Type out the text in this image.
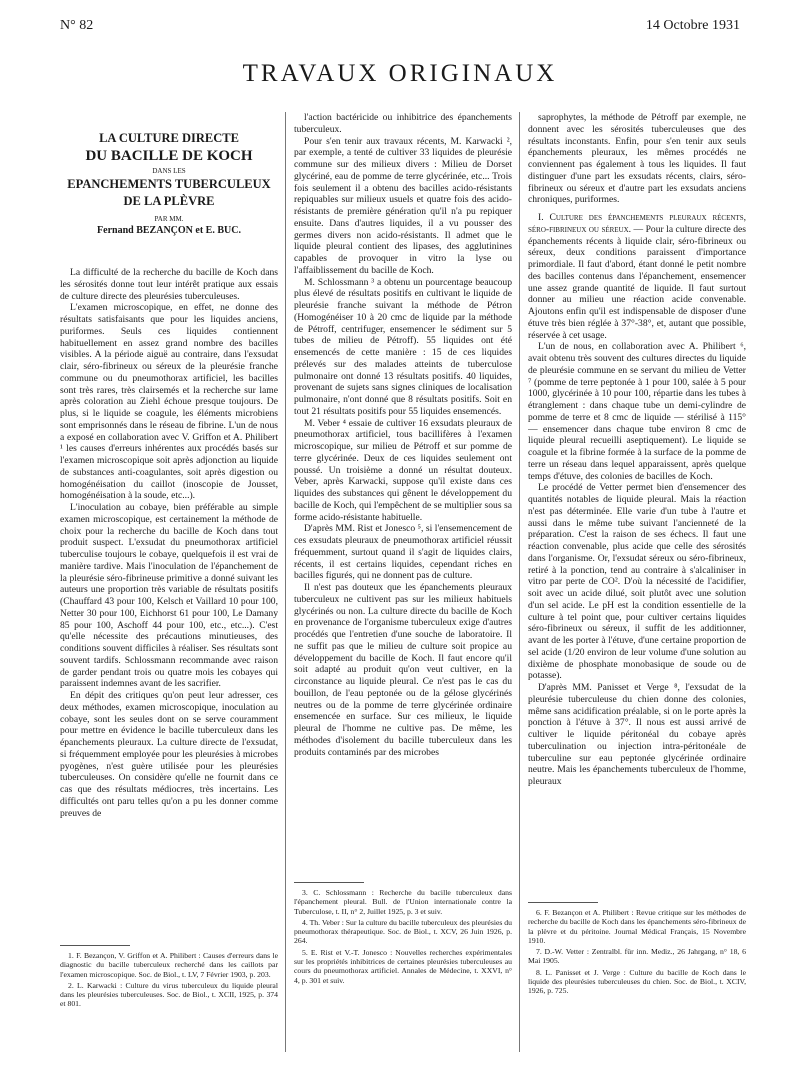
N° 82	14 Octobre 1931
TRAVAUX ORIGINAUX
LA CULTURE DIRECTE
DU BACILLE DE KOCH
DANS LES
EPANCHEMENTS TUBERCULEUX
DE LA PLÈVRE
PAR MM.
Fernand BEZANÇON et E. BUC.

La difficulté de la recherche du bacille de Koch dans les sérosités donne tout leur intérêt pratique aux essais de culture directe des pleurésies tuberculeuses.

L'examen microscopique, en effet, ne donne des résultats satisfaisants que pour les liquides anciens, puriformes. Seuls ces liquides contiennent habituellement en assez grand nombre des bacilles visibles. A la période aiguë au contraire, dans l'exsudat clair, séro-fibrineux ou séreux de la pleurésie franche commune ou du pneumothorax artificiel, les bacilles sont très rares, très clairsemés et la recherche sur lame après coloration au Ziehl échoue presque toujours. De plus, si le liquide se coagule, les éléments microbiens sont emprisonnés dans le réseau de fibrine. L'un de nous a exposé en collaboration avec V. Griffon et A. Philibert ¹ les causes d'erreurs inhérentes aux procédés basés sur l'examen microscopique soit après adjonction au liquide de substances anti-coagulantes, soit après digestion ou homogénéisation du caillot (inoscopie de Jousset, homogénéisation à la soude, etc...).

L'inoculation au cobaye, bien préférable au simple examen microscopique, est certainement la méthode de choix pour la recherche du bacille de Koch dans tout produit suspect. L'exsudat du pneumothorax artificiel tuberculise toujours le cobaye, quelquefois il est vrai de manière tardive. Mais l'inoculation de l'épanchement de la pleurésie séro-fibrineuse primitive a donné suivant les auteurs une proportion très variable de résultats positifs (Chauffard 43 pour 100, Kelsch et Vaillard 10 pour 100, Netter 30 pour 100, Eichhorst 61 pour 100, Le Damany 85 pour 100, Aschoff 44 pour 100, etc., etc...). C'est qu'elle nécessite des précautions minutieuses, des conditions souvent difficiles à réaliser. Ses résultats sont souvent tardifs. Schlossmann recommande avec raison de garder pendant trois ou quatre mois les cobayes qui paraissent indemnes avant de les sacrifier.

En dépit des critiques qu'on peut leur adresser, ces deux méthodes, examen microscopique, inoculation au cobaye, sont les seules dont on se serve couramment pour mettre en évidence le bacille tuberculeux dans les épanchements pleuraux. La culture directe de l'exsudat, si fréquemment employée pour les pleurésies à microbes pyogènes, n'est guère utilisée pour les pleurésies tuberculeuses. On considère qu'elle ne fournit dans ce cas que des résultats médiocres, très incertains. Les difficultés ont paru telles qu'on a pu les donner comme preuves de

1. F. Bezançon, V. Griffon et A. Philibert : Causes d'erreurs dans le diagnostic du bacille tuberculeux recherché dans les caillots par l'examen microscopique. Soc. de Biol., t. LV, 7 Février 1903, p. 203.

2. L. Karwacki : Culture du virus tuberculeux du liquide pleural dans les pleurésies tuberculeuses. Soc. de Biol., t. XCII, 1925, p. 374 et 801.

l'action bactéricide ou inhibitrice des épanchements tuberculeux.

Pour s'en tenir aux travaux récents, M. Karwacki ², par exemple, a tenté de cultiver 33 liquides de pleurésie commune sur des milieux divers : Milieu de Dorset glycériné, eau de pomme de terre glycérinée, etc... Trois fois seulement il a obtenu des bacilles acido-résistants repiquables sur milieux usuels et quatre fois des acido-résistants de première génération qu'il n'a pu repiquer ensuite. Dans d'autres liquides, il a vu pousser des germes divers non acido-résistants. Il admet que le liquide pleural contient des lipases, des agglutinines capables de provoquer in vitro la lyse ou l'affaiblissement du bacille de Koch.

M. Schlossmann ³ a obtenu un pourcentage beaucoup plus élevé de résultats positifs en cultivant le liquide de pleurésie franche suivant la méthode de Pétron (Homogénéiser 10 à 20 cmc de liquide par la méthode de Pétroff, centrifuger, ensemencer le sédiment sur 5 tubes de milieu de Pétroff). 55 liquides ont été ensemencés de cette manière : 15 de ces liquides prélevés sur des malades atteints de tuberculose pulmonaire ont donné 13 résultats positifs. 40 liquides, provenant de sujets sans signes cliniques de localisation pulmonaire, n'ont donné que 8 résultats positifs. Soit en tout 21 résultats positifs pour 55 liquides ensemencés.

M. Veber ⁴ essaie de cultiver 16 exsudats pleuraux de pneumothorax artificiel, tous bacillifères à l'examen microscopique, sur milieu de Pétroff et sur pomme de terre glycérinée. Deux de ces liquides seulement ont poussé. Un troisième a donné un résultat douteux. Veber, après Karwacki, suppose qu'il existe dans ces liquides des substances qui gênent le développement du bacille de Koch, qui l'empêchent de se multiplier sous sa forme acido-résistante habituelle.

D'après MM. Rist et Jonesco ⁵, si l'ensemencement de ces exsudats pleuraux de pneumothorax artificiel réussit fréquemment, surtout quand il s'agit de liquides clairs, récents, il est certains liquides, cependant riches en bacilles figurés, qui ne donnent pas de culture.

Il n'est pas douteux que les épanchements pleuraux tuberculeux ne cultivent pas sur les milieux habituels glycérinés ou non. La culture directe du bacille de Koch en provenance de l'organisme tuberculeux exige d'autres procédés que l'entretien d'une souche de laboratoire. Il ne suffit pas que le milieu de culture soit propice au développement du bacille de Koch. Il faut encore qu'il soit adapté au produit qu'on veut cultiver, en la circonstance au liquide pleural. Ce n'est pas le cas du bouillon, de l'eau peptonée ou de la gélose glycérinés neutres ou de la pomme de terre glycérinée ordinaire ensemencée en surface. Sur ces milieux, le liquide pleural de l'homme ne cultive pas. De même, les méthodes d'isolement du bacille tuberculeux dans les produits contaminés par des microbes

3. C. Schlossmann : Recherche du bacille tuberculeux dans l'épanchement pleural. Bull. de l'Union internationale contre la Tuberculose, t. II, n° 2, Juillet 1925, p. 3 et suiv.

4. Th. Veber : Sur la culture du bacille tuberculeux des pleurésies du pneumothorax thérapeutique. Soc. de Biol., t. XCV, 26 Juin 1926, p. 264.

5. E. Rist et V.-T. Jonesco : Nouvelles recherches expérimentales sur les propriétés inhibitrices de certaines pleurésies tuberculeuses au cours du pneumothorax artificiel. Annales de Médecine, t. XXVI, n° 4, p. 301 et suiv.

saprophytes, la méthode de Pétroff par exemple, ne donnent avec les sérosités tuberculeuses que des résultats inconstants. Enfin, pour s'en tenir aux seuls épanchements pleuraux, les mêmes procédés ne conviennent pas également à tous les liquides. Il faut distinguer d'une part les exsudats récents, clairs, séro-fibrineux ou séreux et d'autre part les exsudats anciens chroniques, puriformes.

I. Culture des épanchements pleuraux récents, séro-fibrineux ou séreux. — Pour la culture directe des épanchements récents à liquide clair, séro-fibrineux ou séreux, deux conditions paraissent d'importance primordiale. Il faut d'abord, étant donné le petit nombre des bacilles contenus dans l'épanchement, ensemencer une assez grande quantité de liquide. Il faut surtout donner au milieu une réaction acide convenable. Ajoutons enfin qu'il est indispensable de disposer d'une étuve très bien réglée à 37°-38°, et, autant que possible, réservée à cet usage.

L'un de nous, en collaboration avec A. Philibert ⁶, avait obtenu très souvent des cultures directes du liquide de pleurésie commune en se servant du milieu de Vetter ⁷ (pomme de terre peptonée à 1 pour 100, salée à 5 pour 1000, glycérinée à 10 pour 100, répartie dans les tubes à étranglement : dans chaque tube un demi-cylindre de pomme de terre et 8 cmc de liquide — stérilisé à 115° — ensemencer dans chaque tube environ 8 cmc de liquide pleural recueilli aseptiquement). Le liquide se coagule et la fibrine formée à la surface de la pomme de terre un réseau dans lequel apparaissent, après quelque temps d'étuve, des colonies de bacilles de Koch.

Le procédé de Vetter permet bien d'ensemencer des quantités notables de liquide pleural. Mais la réaction n'est pas déterminée. Elle varie d'un tube à l'autre et aussi dans le même tube suivant l'ancienneté de la préparation. C'est la raison de ses échecs. Il faut une réaction convenable, plus acide que celle des sérosités dans l'organisme. Or, l'exsudat séreux ou séro-fibrineux, retiré à la ponction, tend au contraire à s'alcaliniser in vitro par perte de CO². D'où la nécessité de l'acidifier, soit avec un acide dilué, soit plutôt avec une solution d'un sel acide. Le pH est la condition essentielle de la culture à tel point que, pour cultiver certains liquides séro-fibrineux ou séreux, il suffit de les additionner, avant de les porter à l'étuve, d'une certaine proportion de sel acide (1/20 environ de leur volume d'une solution au dixième de phosphate monobasique de soude ou de potasse).

D'après MM. Panisset et Verge ⁸, l'exsudat de la pleurésie tuberculeuse du chien donne des colonies, même sans acidification préalable, si on le porte après la ponction à l'étuve à 37°. Il nous est aussi arrivé de cultiver le liquide péritonéal du cobaye après tuberculination ou injection intra-péritonéale de tuberculine sur eau peptonée glycérinée ordinaire neutre. Mais les épanchements tuberculeux de l'homme, pleuraux

6. F. Bezançon et A. Philibert : Revue critique sur les méthodes de recherche du bacille de Koch dans les épanchements séro-fibrineux de la plèvre et du péritoine. Journal Médical Français, 15 Novembre 1910.

7. D.-W. Vetter : Zentralbl. für inn. Mediz., 26 Jahrgang, n° 18, 6 Mai 1905.

8. L. Panisset et J. Verge : Culture du bacille de Koch dans le liquide des pleurésies tuberculeuses du chien. Soc. de Biol., t. XCIV, 1926, p. 725.
